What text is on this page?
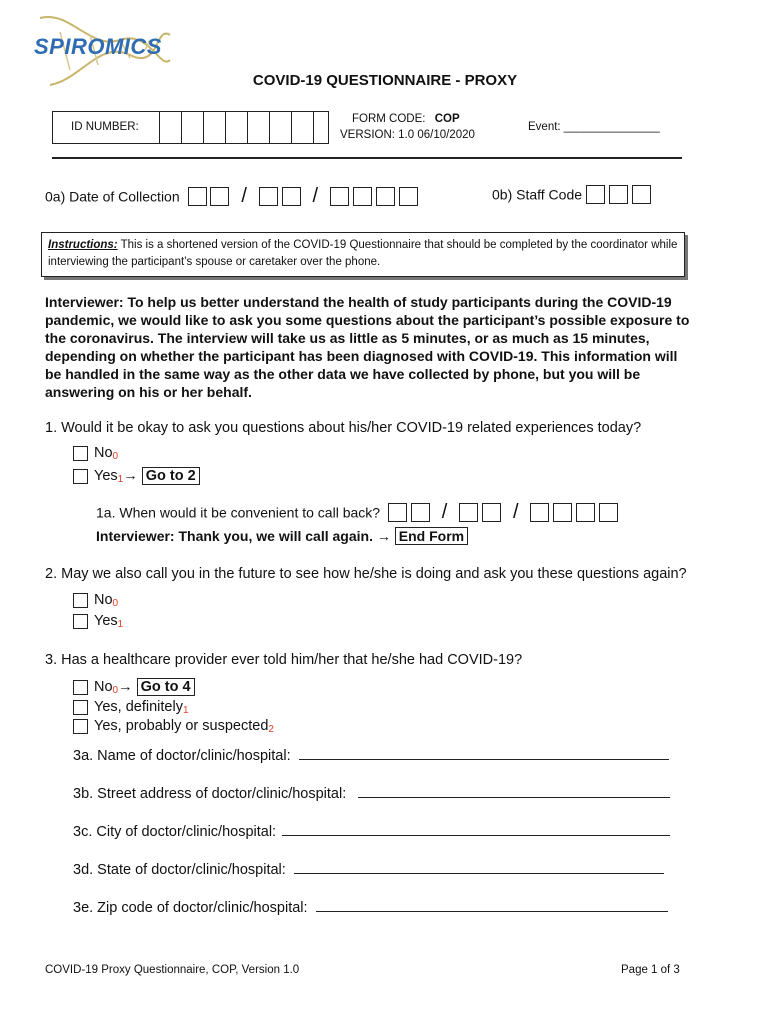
SPIROMICS
COVID-19 QUESTIONNAIRE - PROXY
ID NUMBER:
FORM CODE: COP
VERSION: 1.0 06/10/2020
Event: _______________
0a) Date of Collection	/	/	0b) Staff Code
Instructions: This is a shortened version of the COVID-19 Questionnaire that should be completed by the coordinator while interviewing the participant’s spouse or caretaker over the phone.
Interviewer: To help us better understand the health of study participants during the COVID-19 pandemic, we would like to ask you some questions about the participant’s possible exposure to the coronavirus. The interview will take us as little as 5 minutes, or as much as 15 minutes, depending on whether the participant has been diagnosed with COVID-19. This information will be handled in the same way as the other data we have collected by phone, but you will be answering on his or her behalf.
1. Would it be okay to ask you questions about his/her COVID-19 related experiences today?
$No_0$
Yes$_1$→ Go to 2
1a. When would it be convenient to call back?	/	/
Interviewer: Thank you, we will call again. → End Form
2. May we also call you in the future to see how he/she is doing and ask you these questions again?
$No_0$
Yes$_1$
3. Has a healthcare provider ever told him/her that he/she had COVID-19?
$No_0\to Go$ to 4
Yes, definitely$_1$
Yes, probably or suspected$_2$
3a. Name of doctor/clinic/hospital:
3b. Street address of doctor/clinic/hospital:
3c. City of doctor/clinic/hospital:
3d. State of doctor/clinic/hospital:
3e. Zip code of doctor/clinic/hospital:
COVID-19 Proxy Questionnaire, COP, Version 1.0	Page 1 of 3
